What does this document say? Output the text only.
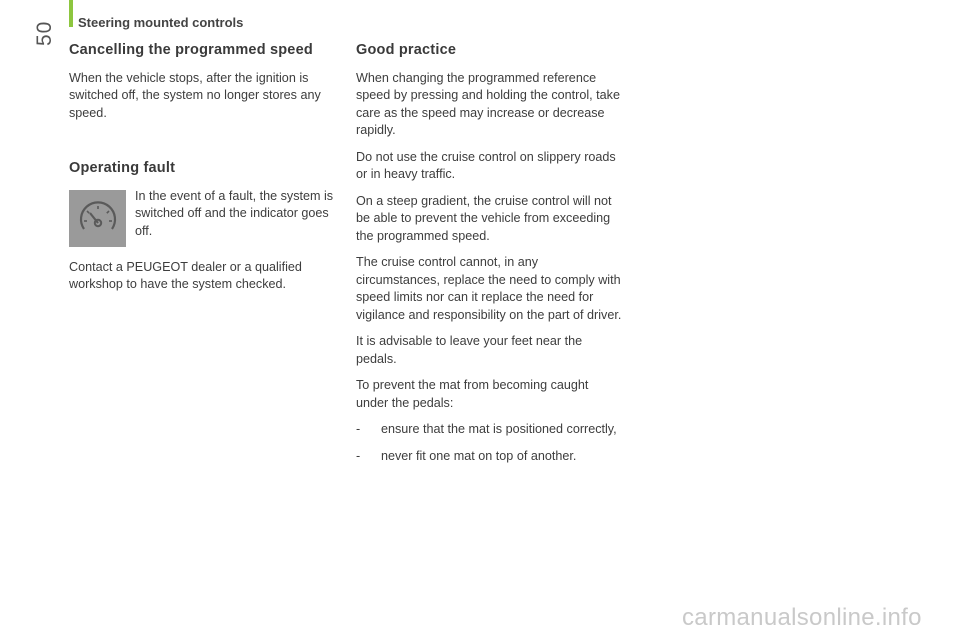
50 Steering mounted controls
Cancelling the programmed speed

When the vehicle stops, after the ignition is switched off, the system no longer stores any speed.

Operating fault

In the event of a fault, the system is switched off and the indicator goes off.

Contact a PEUGEOT dealer or a qualified workshop to have the system checked.

Good practice

When changing the programmed reference speed by pressing and holding the control, take care as the speed may increase or decrease rapidly.

Do not use the cruise control on slippery roads or in heavy traffic.

On a steep gradient, the cruise control will not be able to prevent the vehicle from exceeding the programmed speed.

The cruise control cannot, in any circumstances, replace the need to comply with speed limits nor can it replace the need for vigilance and responsibility on the part of driver.

It is advisable to leave your feet near the pedals.

To prevent the mat from becoming caught under the pedals:

-	ensure that the mat is positioned correctly,
-	never fit one mat on top of another.
carmanualsonline.info
